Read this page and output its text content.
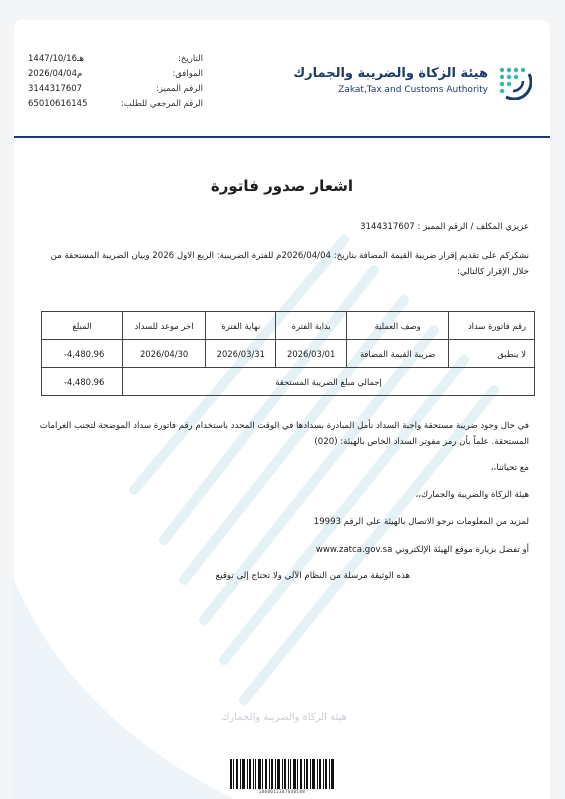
هيئة الزكاة والضريبة والجمارك
Zakat,Tax and Customs Authority
التاريخ:
1447/10/16هـ
الموافق:
2026/04/04م
الرقم المميز:
3144317607
الرقم المرجعي للطلب:
65010616145
اشعار صدور فاتورة
عزيزي المكلف / الرقم المميز : 3144317607
نشكركم على تقديم إقرار ضريبة القيمة المضافة بتاريخ: 2026/04/04م للفترة الضريبية: الربع الاول 2026 وبيان الضريبة المستحقة من خلال الإقرار كالتالي:
رقم فاتورة سداد	وصف العملية	بداية الفترة	نهاية الفترة	اخر موعد للسداد	المبلغ
لا ينطبق	ضريبة القيمة المضافة	2026/03/01	2026/03/31	2026/04/30	-4,480.96
إجمالي مبلغ الضريبة المستحقة					-4,480.96
في حال وجود ضريبة مستحقة واجبة السداد نأمل المبادرة بسدادها في الوقت المحدد باستخدام رقم فاتورة سداد الموضحة لتجنب الغرامات المستحقة. علماً بأن رمز مفوتر السداد الخاص بالهيئة: (020)
مع تحياتنا،،
هيئة الزكاة والضريبة والجمارك،،
لمزيد من المعلومات نرجو الاتصال بالهيئة على الرقم 19993
أو تفضل بزيارة موقع الهيئة الإلكتروني www.zatca.gov.sa
هذه الوثيقة مرسلة من النظام الآلي ولا تحتاج إلى توقيع
هيئة الزكاة والضريبة والجمارك
1000012307640188
